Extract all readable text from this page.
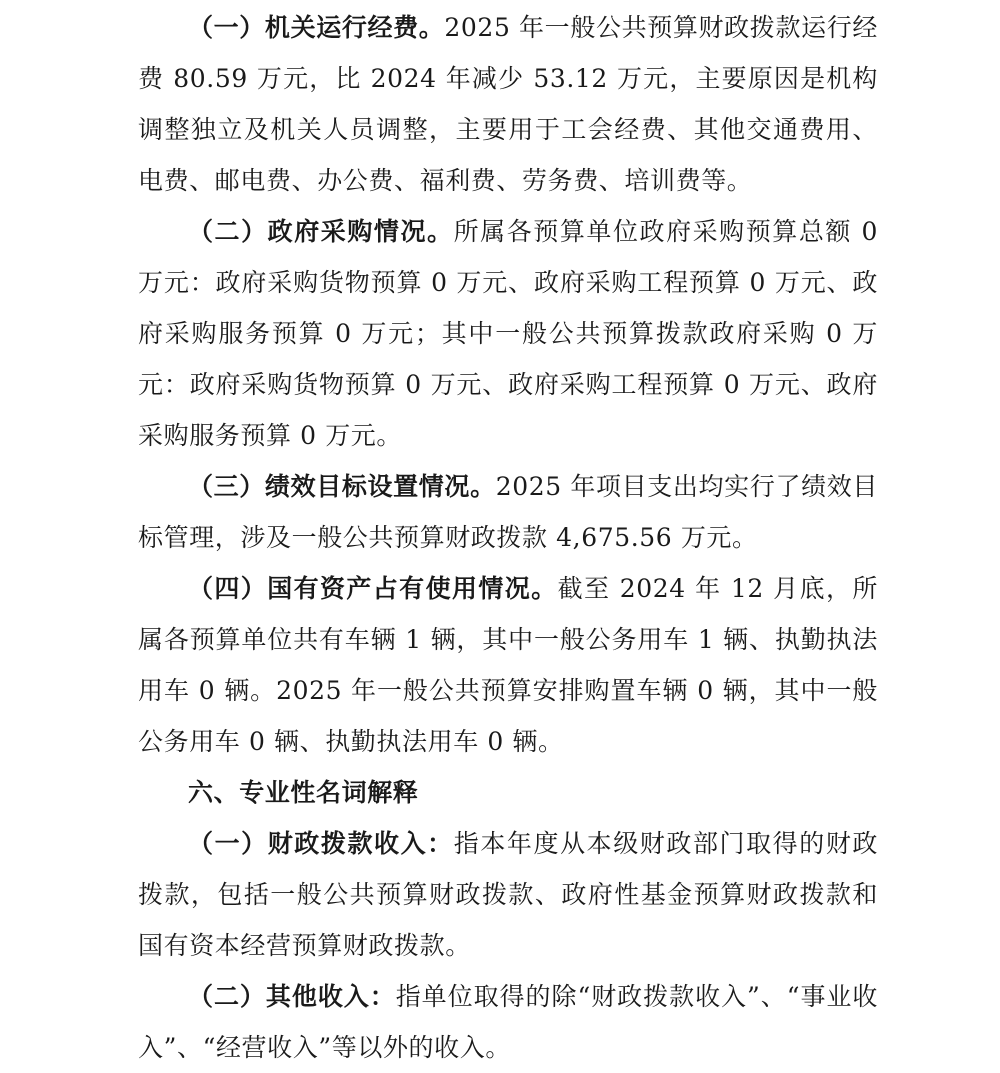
（一）机关运行经费。2025 年一般公共预算财政拨款运行经费 80.59 万元，比 2024 年减少 53.12 万元，主要原因是机构调整独立及机关人员调整，主要用于工会经费、其他交通费用、电费、邮电费、办公费、福利费、劳务费、培训费等。

（二）政府采购情况。所属各预算单位政府采购预算总额 0 万元：政府采购货物预算 0 万元、政府采购工程预算 0 万元、政府采购服务预算 0 万元；其中一般公共预算拨款政府采购 0 万元：政府采购货物预算 0 万元、政府采购工程预算 0 万元、政府采购服务预算 0 万元。

（三）绩效目标设置情况。2025 年项目支出均实行了绩效目标管理，涉及一般公共预算财政拨款 4,675.56 万元。

（四）国有资产占有使用情况。截至 2024 年 12 月底，所属各预算单位共有车辆 1 辆，其中一般公务用车 1 辆、执勤执法用车 0 辆。2025 年一般公共预算安排购置车辆 0 辆，其中一般公务用车 0 辆、执勤执法用车 0 辆。

六、专业性名词解释

（一）财政拨款收入：指本年度从本级财政部门取得的财政拨款，包括一般公共预算财政拨款、政府性基金预算财政拨款和国有资本经营预算财政拨款。

（二）其他收入：指单位取得的除“财政拨款收入”、“事业收入”、“经营收入”等以外的收入。
